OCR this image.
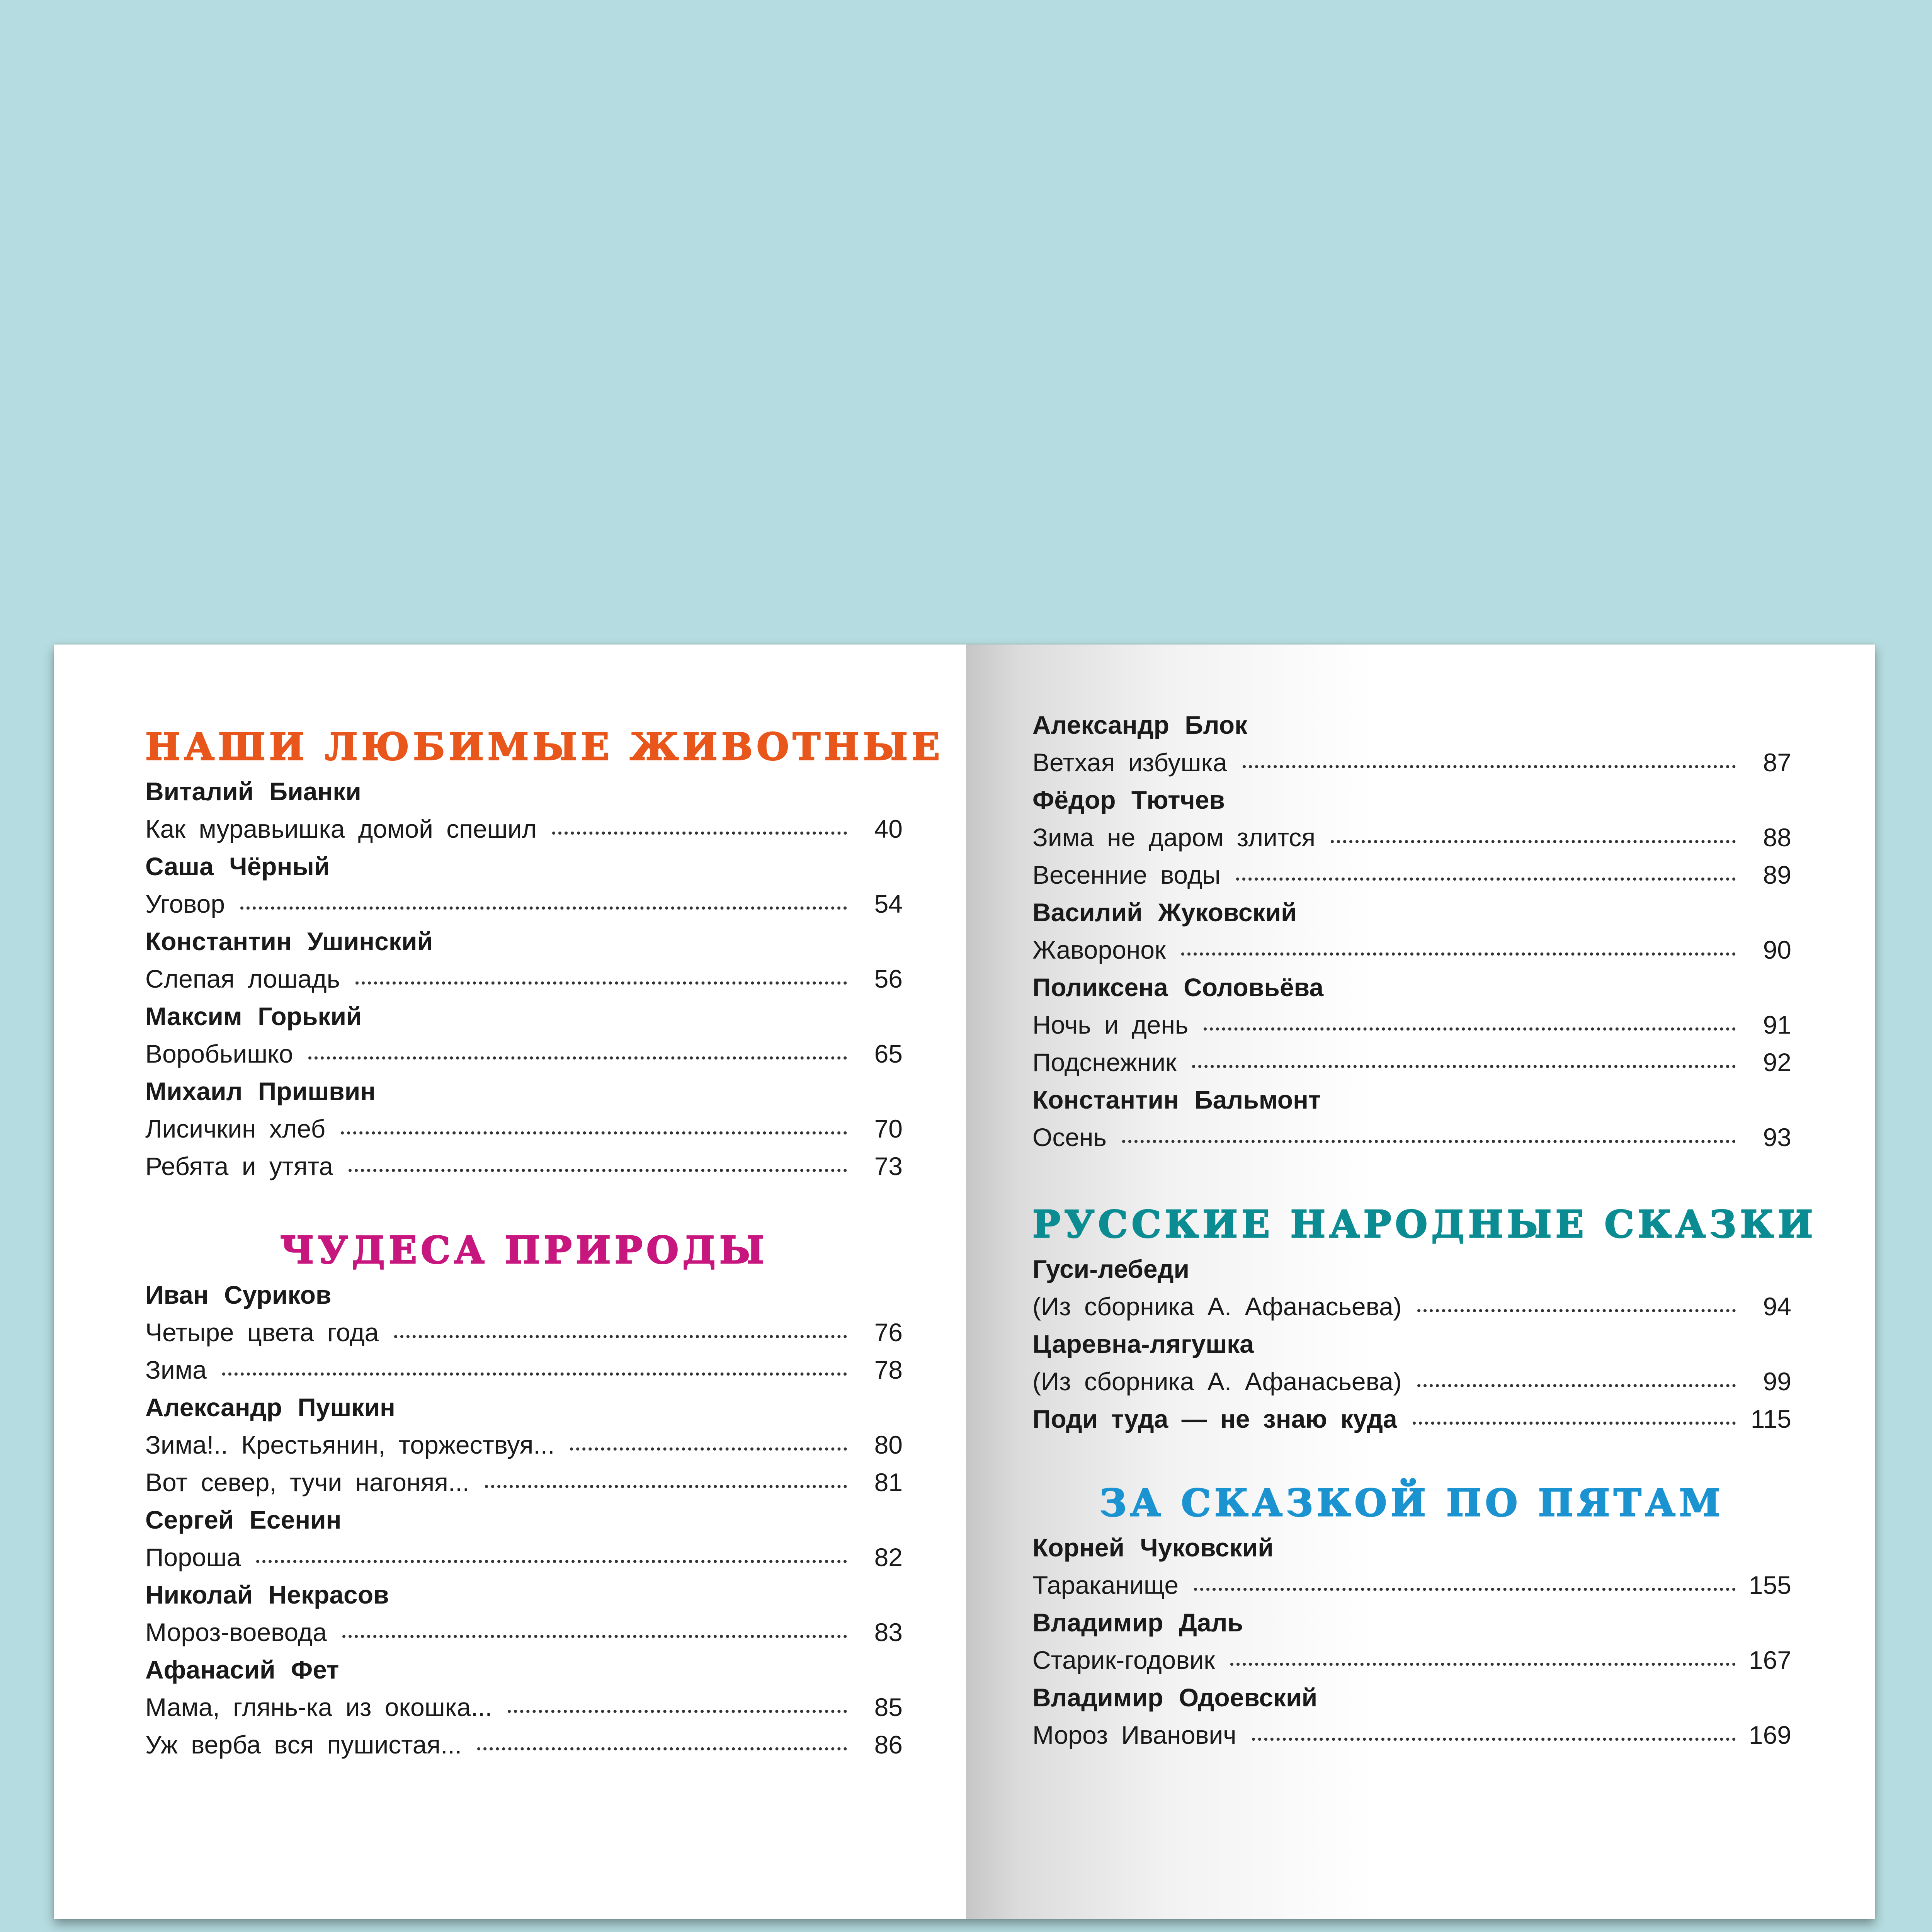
НАШИ ЛЮБИМЫЕ ЖИВОТНЫЕ
Виталий Бианки
Как муравьишка домой спешил	40
Саша Чёрный
Уговор	54
Константин Ушинский
Слепая лошадь	56
Максим Горький
Воробьишко	65
Михаил Пришвин
Лисичкин хлеб	70
Ребята и утята	73
ЧУДЕСА ПРИРОДЫ
Иван Суриков
Четыре цвета года	76
Зима	78
Александр Пушкин
Зима!.. Крестьянин, торжествуя...	80
Вот север, тучи нагоняя...	81
Сергей Есенин
Пороша	82
Николай Некрасов
Мороз-воевода	83
Афанасий Фет
Мама, глянь-ка из окошка...	85
Уж верба вся пушистая...	86
Александр Блок
Ветхая избушка	87
Фёдор Тютчев
Зима не даром злится	88
Весенние воды	89
Василий Жуковский
Жаворонок	90
Поликсена Соловьёва
Ночь и день	91
Подснежник	92
Константин Бальмонт
Осень	93
РУССКИЕ НАРОДНЫЕ СКАЗКИ
Гуси-лебеди
(Из сборника А. Афанасьева)	94
Царевна-лягушка
(Из сборника А. Афанасьева)	99
Поди туда — не знаю куда	115
ЗА СКАЗКОЙ ПО ПЯТАМ
Корней Чуковский
Тараканище	155
Владимир Даль
Старик-годовик	167
Владимир Одоевский
Мороз Иванович	169
